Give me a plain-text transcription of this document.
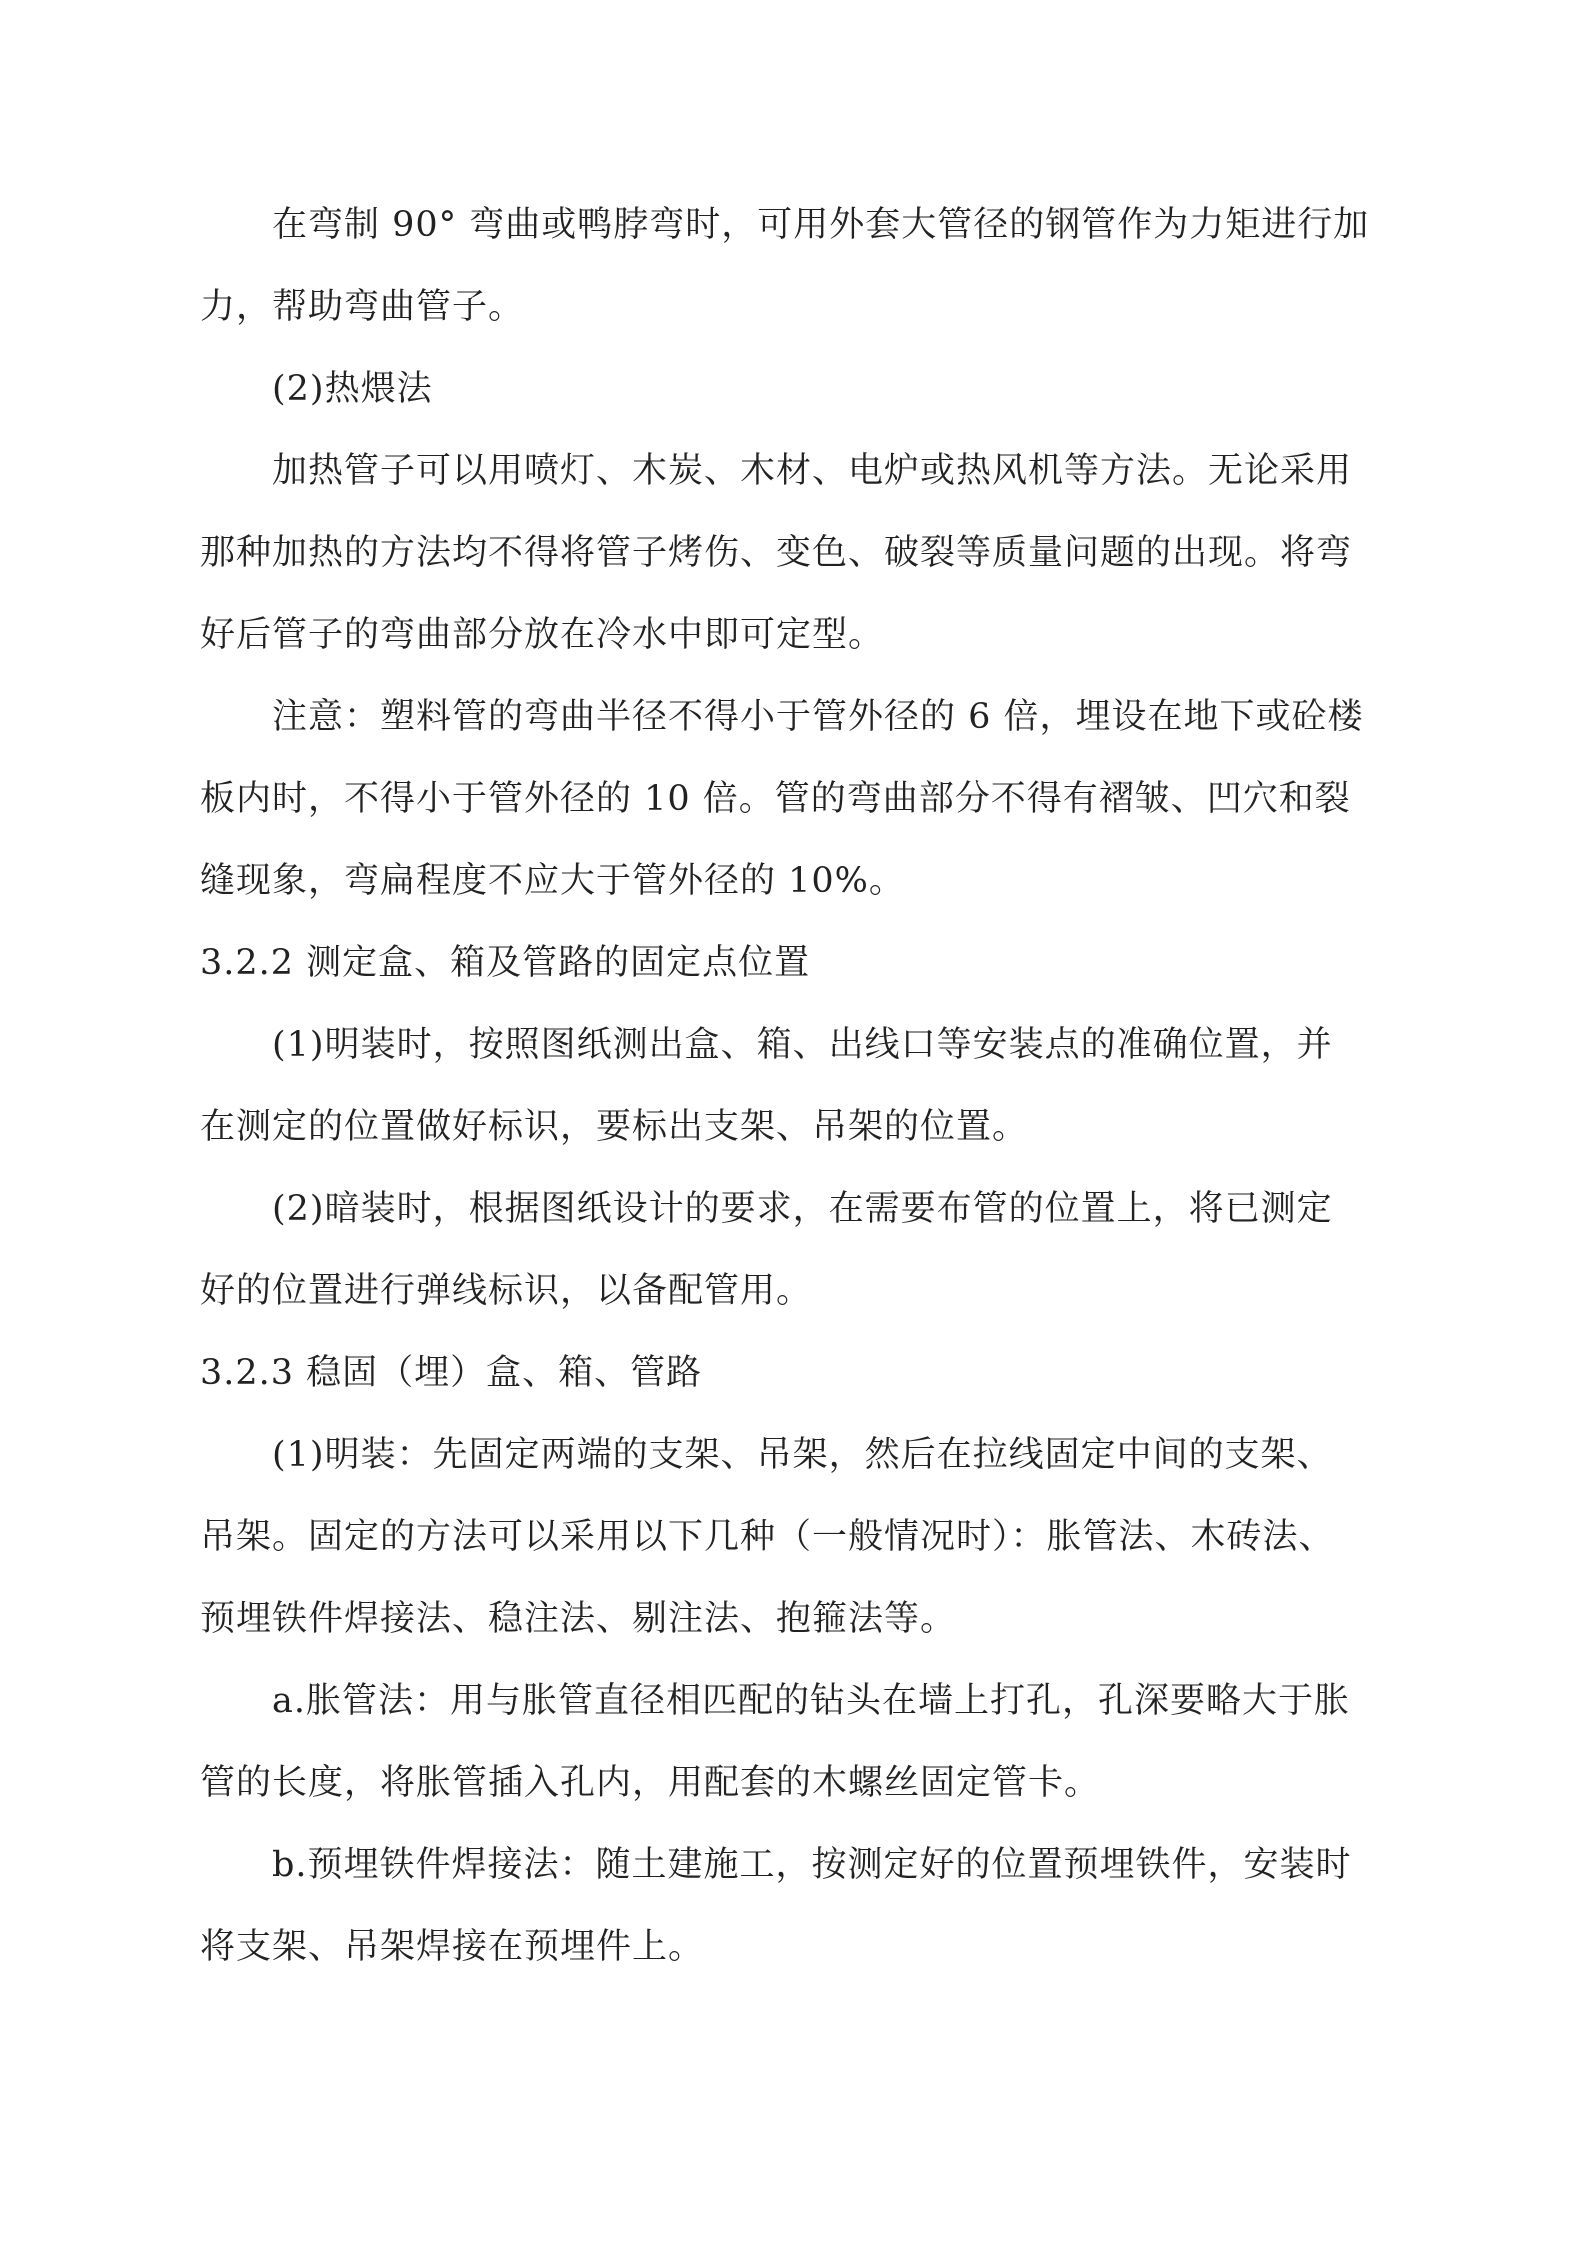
在弯制 90° 弯曲或鸭脖弯时，可用外套大管径的钢管作为力矩进行加
力，帮助弯曲管子。
(2)热煨法
加热管子可以用喷灯、木炭、木材、电炉或热风机等方法。无论采用
那种加热的方法均不得将管子烤伤、变色、破裂等质量问题的出现。将弯
好后管子的弯曲部分放在冷水中即可定型。
注意：塑料管的弯曲半径不得小于管外径的 6 倍，埋设在地下或砼楼
板内时，不得小于管外径的 10 倍。管的弯曲部分不得有褶皱、凹穴和裂
缝现象，弯扁程度不应大于管外径的 10%。
3.2.2 测定盒、箱及管路的固定点位置
(1)明装时，按照图纸测出盒、箱、出线口等安装点的准确位置，并
在测定的位置做好标识，要标出支架、吊架的位置。
(2)暗装时，根据图纸设计的要求，在需要布管的位置上，将已测定
好的位置进行弹线标识，以备配管用。
3.2.3 稳固（埋）盒、箱、管路
(1)明装：先固定两端的支架、吊架，然后在拉线固定中间的支架、
吊架。固定的方法可以采用以下几种（一般情况时）：胀管法、木砖法、
预埋铁件焊接法、稳注法、剔注法、抱箍法等。
a.胀管法：用与胀管直径相匹配的钻头在墙上打孔，孔深要略大于胀
管的长度，将胀管插入孔内，用配套的木螺丝固定管卡。
b.预埋铁件焊接法：随土建施工，按测定好的位置预埋铁件，安装时
将支架、吊架焊接在预埋件上。
